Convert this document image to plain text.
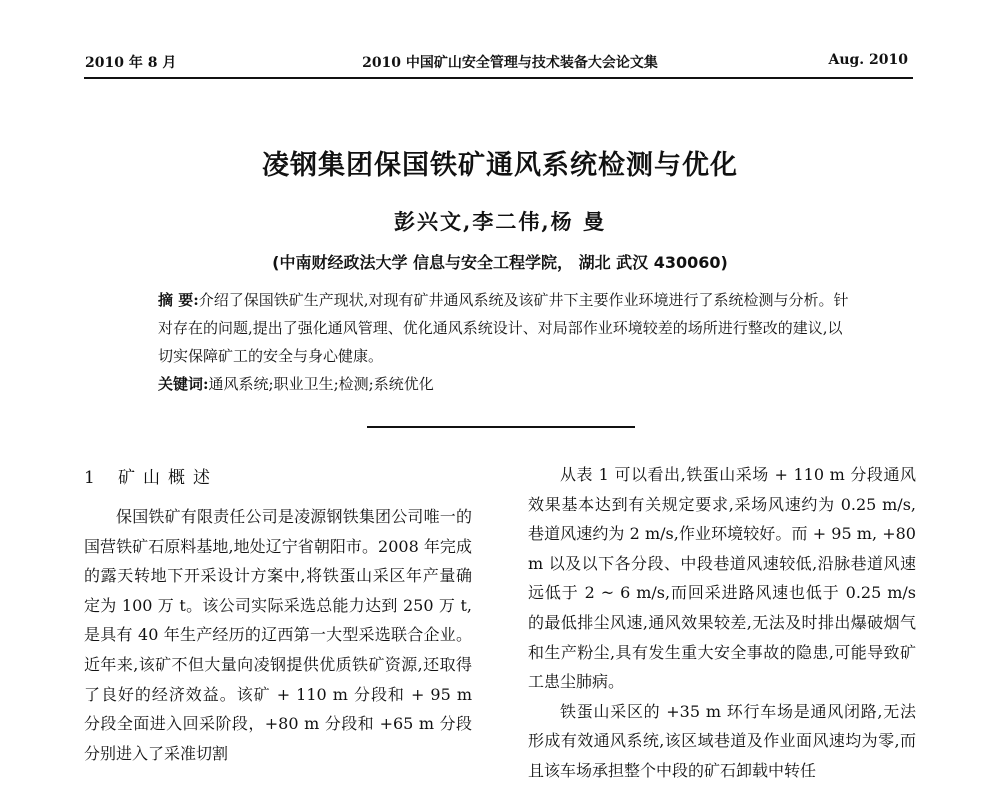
2010 年 8 月	2010 中国矿山安全管理与技术装备大会论文集	Aug. 2010
凌钢集团保国铁矿通风系统检测与优化
彭兴文,李二伟,杨 曼
(中南财经政法大学 信息与安全工程学院， 湖北 武汉 430060)

摘 要:介绍了保国铁矿生产现状,对现有矿井通风系统及该矿井下主要作业环境进行了系统检测与分析。针对存在的问题,提出了强化通风管理、优化通风系统设计、对局部作业环境较差的场所进行整改的建议,以切实保障矿工的安全与身心健康。

关键词:通风系统;职业卫生;检测;系统优化

1 矿山概述

保国铁矿有限责任公司是凌源钢铁集团公司唯一的国营铁矿石原料基地,地处辽宁省朝阳市。2008 年完成的露天转地下开采设计方案中,将铁蛋山采区年产量确定为 100 万 t。该公司实际采选总能力达到 250 万 t,是具有 40 年生产经历的辽西第一大型采选联合企业。近年来,该矿不但大量向凌钢提供优质铁矿资源,还取得了良好的经济效益。该矿 + 110 m 分段和 + 95 m 分段全面进入回采阶段，+80 m 分段和 +65 m 分段分别进入了采准切割

从表 1 可以看出,铁蛋山采场 + 110 m 分段通风效果基本达到有关规定要求,采场风速约为 0.25 m/s,巷道风速约为 2 m/s,作业环境较好。而 + 95 m, +80 m 以及以下各分段、中段巷道风速较低,沿脉巷道风速远低于 2 ~ 6 m/s,而回采进路风速也低于 0.25 m/s 的最低排尘风速,通风效果较差,无法及时排出爆破烟气和生产粉尘,具有发生重大安全事故的隐患,可能导致矿工患尘肺病。

铁蛋山采区的 +35 m 环行车场是通风闭路,无法形成有效通风系统,该区域巷道及作业面风速均为零,而且该车场承担整个中段的矿石卸载中转任
